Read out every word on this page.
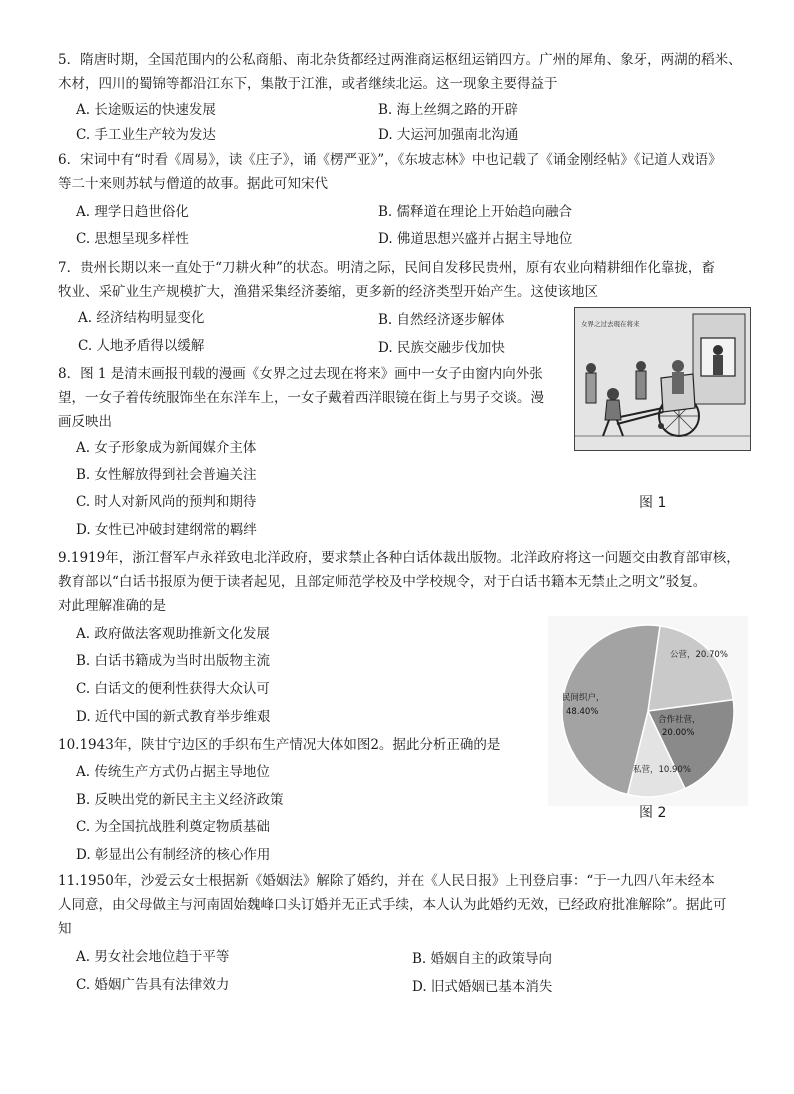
5．隋唐时期，全国范围内的公私商船、南北杂货都经过两淮商运枢纽运销四方。广州的犀角、象牙，两湖的稻米、
木材，四川的蜀锦等都沿江东下，集散于江淮，或者继续北运。这一现象主要得益于
A. 长途贩运的快速发展	B. 海上丝绸之路的开辟
C. 手工业生产较为发达	D. 大运河加强南北沟通
6．宋词中有“时看《周易》，读《庄子》，诵《楞严亚》”，《东坡志林》中也记载了《诵金刚经帖》《记道人戏语》
等二十来则苏轼与僧道的故事。据此可知宋代
A. 理学日趋世俗化	B. 儒释道在理论上开始趋向融合
C. 思想呈现多样性	D. 佛道思想兴盛并占据主导地位
7．贵州长期以来一直处于“刀耕火种”的状态。明清之际，民间自发移民贵州，原有农业向精耕细作化靠拢，畜
牧业、采矿业生产规模扩大，渔猎采集经济萎缩，更多新的经济类型开始产生。这使该地区
A. 经济结构明显变化	B. 自然经济逐步解体
C. 人地矛盾得以缓解	D. 民族交融步伐加快
8．图 1 是清末画报刊载的漫画《女界之过去现在将来》画中一女子由窗内向外张
望，一女子着传统服饰坐在东洋车上，一女子戴着西洋眼镜在街上与男子交谈。漫
画反映出
A. 女子形象成为新闻媒介主体
B. 女性解放得到社会普遍关注
C. 时人对新风尚的预判和期待
D. 女性已冲破封建纲常的羁绊
女界之过去現在将来
图 1
9.1919年，浙江督军卢永祥致电北洋政府，要求禁止各种白话体裁出版物。北洋政府将这一问题交由教育部审核，
教育部以“白话书报原为便于读者起见，且部定师范学校及中学校规令，对于白话书籍本无禁止之明文”驳复。
对此理解准确的是
A. 政府做法客观助推新文化发展
B. 白话书籍成为当时出版物主流
C. 白话文的便利性获得大众认可
D. 近代中国的新式教育举步维艰
公营，20.70%
合作社营，
20.00%
私营，10.90%
民间织户，
48.40%
图 2
10.1943年，陕甘宁边区的手织布生产情况大体如图2。据此分析正确的是
A. 传统生产方式仍占据主导地位
B. 反映出党的新民主主义经济政策
C. 为全国抗战胜利奠定物质基础
D. 彰显出公有制经济的核心作用
11.1950年，沙爱云女士根据新《婚姻法》解除了婚约，并在《人民日报》上刊登启事：“于一九四八年未经本
人同意，由父母做主与河南固始魏峰口头订婚并无正式手续，本人认为此婚约无效，已经政府批准解除”。据此可
知
A. 男女社会地位趋于平等	B. 婚姻自主的政策导向
C. 婚姻广告具有法律效力	D. 旧式婚姻已基本消失
